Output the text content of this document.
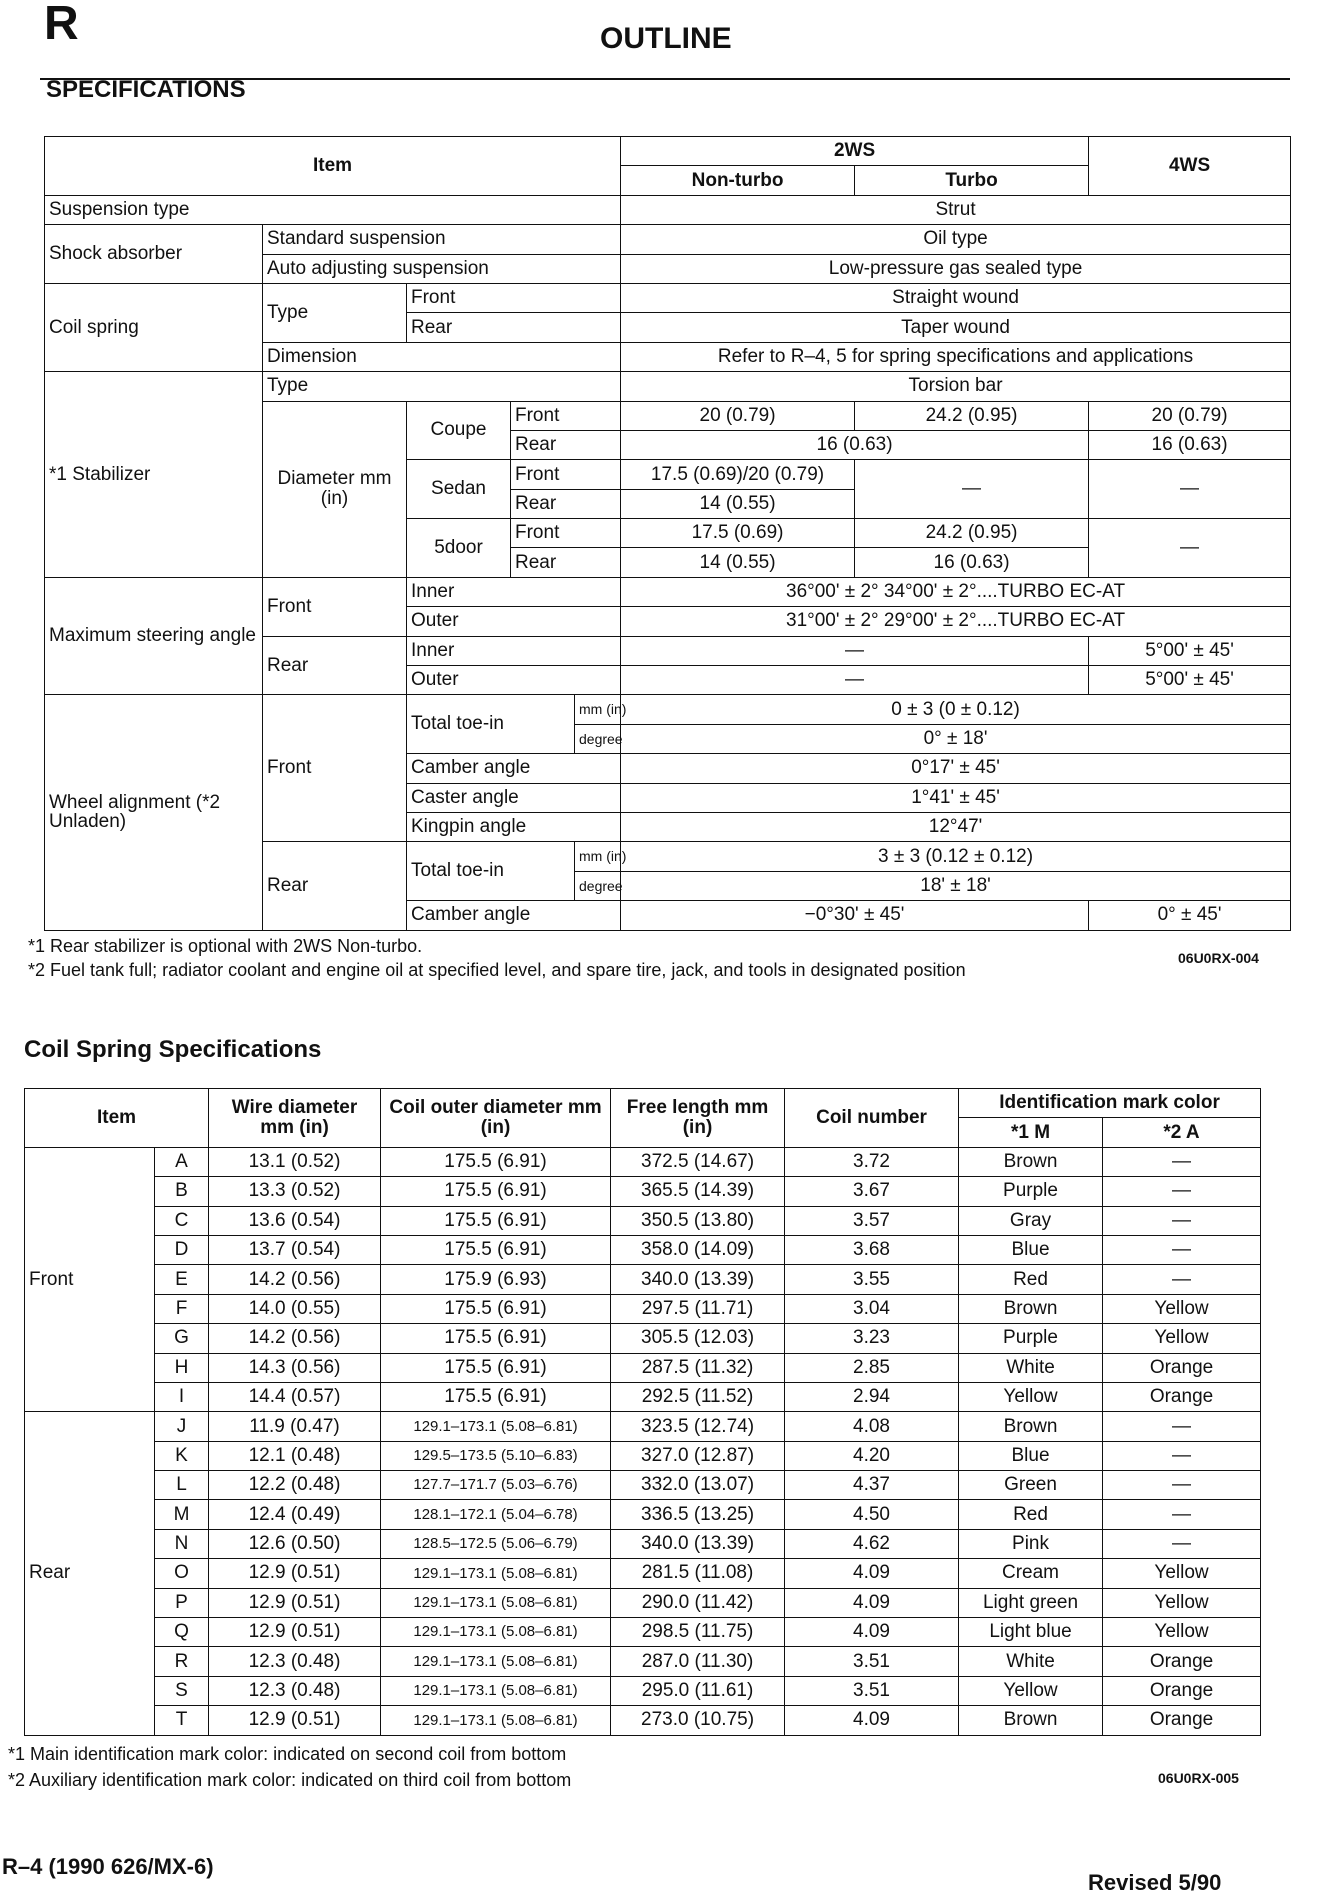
R	OUTLINE
SPECIFICATIONS
Item					2WS		4WS
					Non-turbo	Turbo	
Suspension type					Strut		
Shock absorber	Standard suspension				Oil type		
	Auto adjusting suspension				Low-pressure gas sealed type		
Coil spring	Type	Front			Straight wound		
		Rear			Taper wound		
	Dimension				Refer to R–4, 5 for spring specifications and applications		
*1 Stabilizer	Type				Torsion bar		
	Diameter mm (in)	Coupe	Front		20 (0.79)	24.2 (0.95)	20 (0.79)
			Rear		16 (0.63)		16 (0.63)
		Sedan	Front		17.5 (0.69)/20 (0.79)	—	—
			Rear		14 (0.55)		
		5door	Front		17.5 (0.69)	24.2 (0.95)	—
			Rear		14 (0.55)	16 (0.63)	
Maximum steering angle	Front	Inner			36°00' ± 2° 34°00' ± 2°....TURBO EC-AT		
		Outer			31°00' ± 2° 29°00' ± 2°....TURBO EC-AT		
	Rear	Inner			—		5°00' ± 45'
		Outer			—		5°00' ± 45'
Wheel alignment (*2 Unladen)	Front	Total toe-in		mm (in)	0 ± 3 (0 ± 0.12)		
				degree	0° ± 18'		
		Camber angle			0°17' ± 45'		
		Caster angle			1°41' ± 45'		
		Kingpin angle			12°47'		
	Rear	Total toe-in		mm (in)	3 ± 3 (0.12 ± 0.12)		
				degree	18' ± 18'		
		Camber angle			−0°30' ± 45'		0° ± 45'
*1 Rear stabilizer is optional with 2WS Non-turbo.
*2 Fuel tank full; radiator coolant and engine oil at specified level, and spare tire, jack, and tools in designated position
06U0RX-004
Coil Spring Specifications
Item		Wire diameter mm (in)	Coil outer diameter mm (in)	Free length mm (in)	Coil number	Identification mark color	
						*1 M	*2 A
Front	A	13.1 (0.52)	175.5 (6.91)	372.5 (14.67)	3.72	Brown	—
	B	13.3 (0.52)	175.5 (6.91)	365.5 (14.39)	3.67	Purple	—
	C	13.6 (0.54)	175.5 (6.91)	350.5 (13.80)	3.57	Gray	—
	D	13.7 (0.54)	175.5 (6.91)	358.0 (14.09)	3.68	Blue	—
	E	14.2 (0.56)	175.9 (6.93)	340.0 (13.39)	3.55	Red	—
	F	14.0 (0.55)	175.5 (6.91)	297.5 (11.71)	3.04	Brown	Yellow
	G	14.2 (0.56)	175.5 (6.91)	305.5 (12.03)	3.23	Purple	Yellow
	H	14.3 (0.56)	175.5 (6.91)	287.5 (11.32)	2.85	White	Orange
	I	14.4 (0.57)	175.5 (6.91)	292.5 (11.52)	2.94	Yellow	Orange
Rear	J	11.9 (0.47)	129.1–173.1 (5.08–6.81)	323.5 (12.74)	4.08	Brown	—
	K	12.1 (0.48)	129.5–173.5 (5.10–6.83)	327.0 (12.87)	4.20	Blue	—
	L	12.2 (0.48)	127.7–171.7 (5.03–6.76)	332.0 (13.07)	4.37	Green	—
	M	12.4 (0.49)	128.1–172.1 (5.04–6.78)	336.5 (13.25)	4.50	Red	—
	N	12.6 (0.50)	128.5–172.5 (5.06–6.79)	340.0 (13.39)	4.62	Pink	—
	O	12.9 (0.51)	129.1–173.1 (5.08–6.81)	281.5 (11.08)	4.09	Cream	Yellow
	P	12.9 (0.51)	129.1–173.1 (5.08–6.81)	290.0 (11.42)	4.09	Light green	Yellow
	Q	12.9 (0.51)	129.1–173.1 (5.08–6.81)	298.5 (11.75)	4.09	Light blue	Yellow
	R	12.3 (0.48)	129.1–173.1 (5.08–6.81)	287.0 (11.30)	3.51	White	Orange
	S	12.3 (0.48)	129.1–173.1 (5.08–6.81)	295.0 (11.61)	3.51	Yellow	Orange
	T	12.9 (0.51)	129.1–173.1 (5.08–6.81)	273.0 (10.75)	4.09	Brown	Orange
*1 Main identification mark color: indicated on second coil from bottom
*2 Auxiliary identification mark color: indicated on third coil from bottom	06U0RX-005
R–4 (1990 626/MX-6)
Revised 5/90
